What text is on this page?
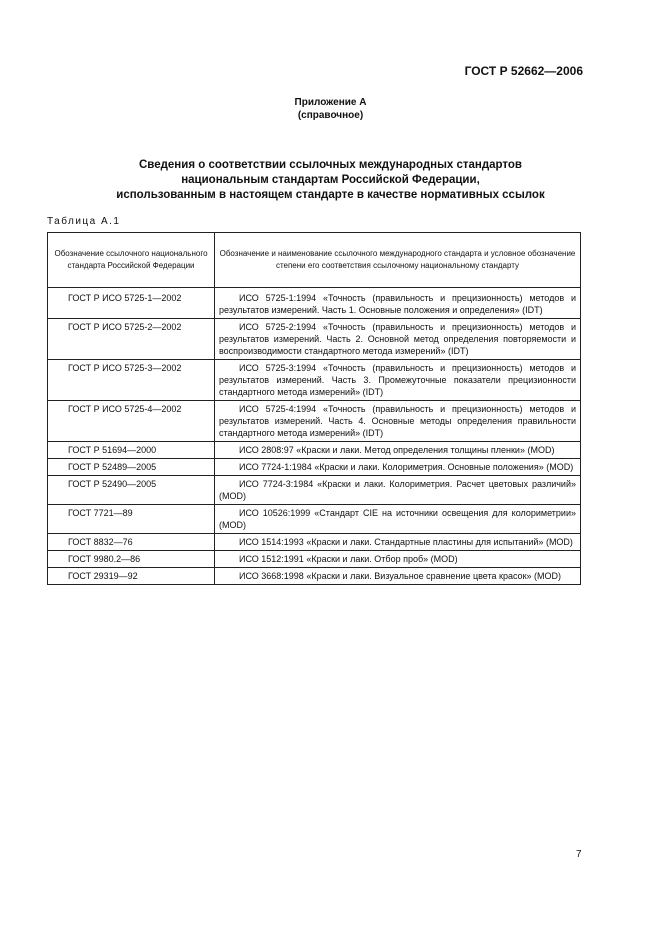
ГОСТ Р 52662—2006
Приложение А
(справочное)
Сведения о соответствии ссылочных международных стандартов
национальным стандартам Российской Федерации,
использованным в настоящем стандарте в качестве нормативных ссылок
Таблица А.1
Обозначение ссылочного национального стандарта Российской Федерации	Обозначение и наименование ссылочного международного стандарта и условное обозначение степени его соответствия ссылочному национальному стандарту
ГОСТ Р ИСО 5725-1—2002	ИСО 5725-1:1994 «Точность (правильность и прецизионность) методов и результатов измерений. Часть 1. Основные положения и определения» (IDT)
ГОСТ Р ИСО 5725-2—2002	ИСО 5725-2:1994 «Точность (правильность и прецизионность) методов и результатов измерений. Часть 2. Основной метод определения повторяемости и воспроизводимости стандартного метода измерений» (IDT)
ГОСТ Р ИСО 5725-3—2002	ИСО 5725-3:1994 «Точность (правильность и прецизионность) методов и результатов измерений. Часть 3. Промежуточные показатели прецизионности стандартного метода измерений» (IDT)
ГОСТ Р ИСО 5725-4—2002	ИСО 5725-4:1994 «Точность (правильность и прецизионность) методов и результатов измерений. Часть 4. Основные методы определения правильности стандартного метода измерений» (IDT)
ГОСТ Р 51694—2000	ИСО 2808:97 «Краски и лаки. Метод определения толщины пленки» (MOD)
ГОСТ Р 52489—2005	ИСО 7724-1:1984 «Краски и лаки. Колориметрия. Основные положения» (MOD)
ГОСТ Р 52490—2005	ИСО 7724-3:1984 «Краски и лаки. Колориметрия. Расчет цветовых различий» (MOD)
ГОСТ 7721—89	ИСО 10526:1999 «Стандарт CIE на источники освещения для колориметрии» (MOD)
ГОСТ 8832—76	ИСО 1514:1993 «Краски и лаки. Стандартные пластины для испытаний» (MOD)
ГОСТ 9980.2—86	ИСО 1512:1991 «Краски и лаки. Отбор проб» (MOD)
ГОСТ 29319—92	ИСО 3668:1998 «Краски и лаки. Визуальное сравнение цвета красок» (MOD)
7
